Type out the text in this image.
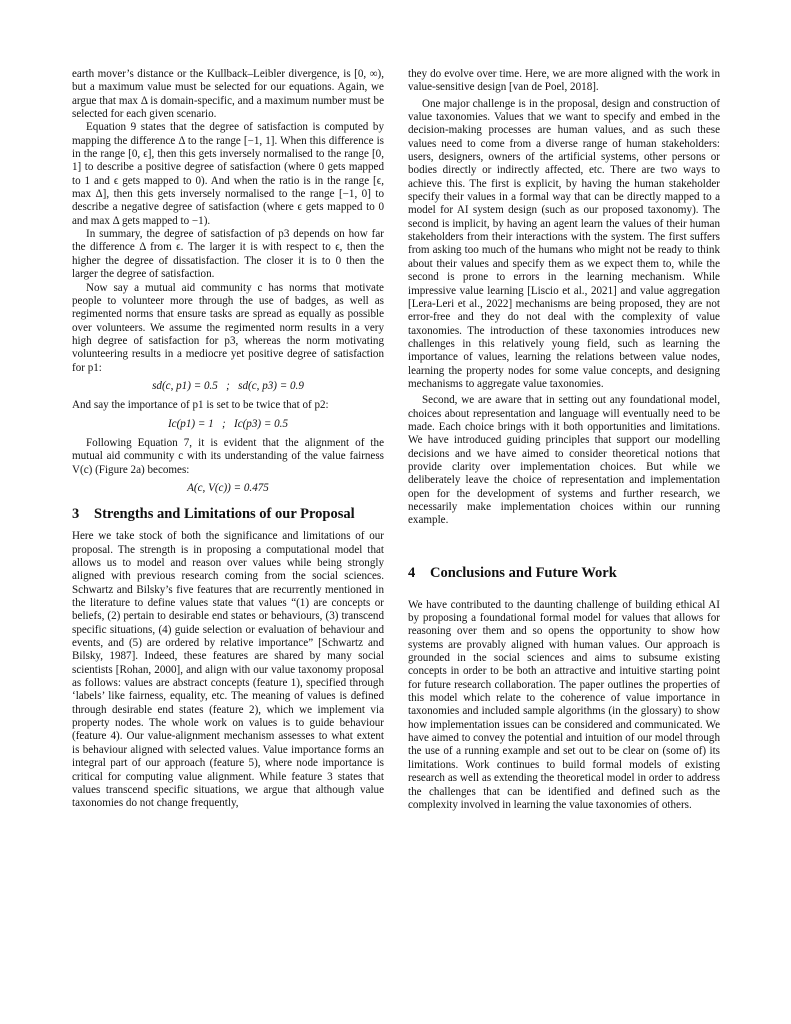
earth mover’s distance or the Kullback–Leibler divergence, is [0, ∞), but a maximum value must be selected for our equations. Again, we argue that max Δ is domain-specific, and a maximum number must be selected for each given scenario.

Equation 9 states that the degree of satisfaction is computed by mapping the difference Δ to the range [−1, 1]. When this difference is in the range [0, ϵ], then this gets inversely normalised to the range [0, 1] to describe a positive degree of satisfaction (where 0 gets mapped to 1 and ϵ gets mapped to 0). And when the ratio is in the range [ϵ, max Δ], then this gets inversely normalised to the range [−1, 0] to describe a negative degree of satisfaction (where ϵ gets mapped to 0 and max Δ gets mapped to −1).

In summary, the degree of satisfaction of p3 depends on how far the difference Δ from ϵ. The larger it is with respect to ϵ, then the higher the degree of dissatisfaction. The closer it is to 0 then the larger the degree of satisfaction.

Now say a mutual aid community c has norms that motivate people to volunteer more through the use of badges, as well as regimented norms that ensure tasks are spread as equally as possible over volunteers. We assume the regimented norm results in a very high degree of satisfaction for p3, whereas the norm motivating volunteering results in a mediocre yet positive degree of satisfaction for p1:

sd(c, p1) = 0.5   ;   sd(c, p3) = 0.9

And say the importance of p1 is set to be twice that of p2:

Ic(p1) = 1   ;   Ic(p3) = 0.5

Following Equation 7, it is evident that the alignment of the mutual aid community c with its understanding of the value fairness V(c) (Figure 2a) becomes:

A(c, V(c)) = 0.475
3 Strengths and Limitations of our Proposal

Here we take stock of both the significance and limitations of our proposal. The strength is in proposing a computational model that allows us to model and reason over values while being strongly aligned with previous research coming from the social sciences. Schwartz and Bilsky’s five features that are recurrently mentioned in the literature to define values state that values “(1) are concepts or beliefs, (2) pertain to desirable end states or behaviours, (3) transcend specific situations, (4) guide selection or evaluation of behaviour and events, and (5) are ordered by relative importance” [Schwartz and Bilsky, 1987]. Indeed, these features are shared by many social scientists [Rohan, 2000], and align with our value taxonomy proposal as follows: values are abstract concepts (feature 1), specified through ‘labels’ like fairness, equality, etc. The meaning of values is defined through desirable end states (feature 2), which we implement via property nodes. The whole work on values is to guide behaviour (feature 4). Our value-alignment mechanism assesses to what extent is behaviour aligned with selected values. Value importance forms an integral part of our approach (feature 5), where node importance is critical for computing value alignment. While feature 3 states that values transcend specific situations, we argue that although value taxonomies do not change frequently,

they do evolve over time. Here, we are more aligned with the work in value-sensitive design [van de Poel, 2018].

One major challenge is in the proposal, design and construction of value taxonomies. Values that we want to specify and embed in the decision-making processes are human values, and as such these values need to come from a diverse range of human stakeholders: users, designers, owners of the artificial systems, other persons or bodies directly or indirectly affected, etc. There are two ways to achieve this. The first is explicit, by having the human stakeholder specify their values in a formal way that can be directly mapped to a model for AI system design (such as our proposed taxonomy). The second is implicit, by having an agent learn the values of their human stakeholders from their interactions with the system. The first suffers from asking too much of the humans who might not be ready to think about their values and specify them as we expect them to, while the second is prone to errors in the learning mechanism. While impressive value learning [Liscio et al., 2021] and value aggregation [Lera-Leri et al., 2022] mechanisms are being proposed, they are not error-free and they do not deal with the complexity of value taxonomies. The introduction of these taxonomies introduces new challenges in this relatively young field, such as learning the importance of values, learning the relations between value nodes, learning the property nodes for some value concepts, and designing mechanisms to aggregate value taxonomies.

Second, we are aware that in setting out any foundational model, choices about representation and language will eventually need to be made. Each choice brings with it both opportunities and limitations. We have introduced guiding principles that support our modelling decisions and we have aimed to consider theoretical notions that provide clarity over implementation choices. But while we deliberately leave the choice of representation and implementation open for the development of systems and further research, we necessarily make implementation choices within our running example.

4 Conclusions and Future Work

We have contributed to the daunting challenge of building ethical AI by proposing a foundational formal model for values that allows for reasoning over them and so opens the opportunity to show how systems are provably aligned with human values. Our approach is grounded in the social sciences and aims to subsume existing concepts in order to be both an attractive and intuitive starting point for future research collaboration. The paper outlines the properties of this model which relate to the coherence of value importance in taxonomies and included sample algorithms (in the glossary) to show how implementation issues can be considered and communicated. We have aimed to convey the potential and intuition of our model through the use of a running example and set out to be clear on (some of) its limitations. Work continues to build formal models of existing research as well as extending the theoretical model in order to address the challenges that can be identified and defined such as the complexity involved in learning the value taxonomies of others.
